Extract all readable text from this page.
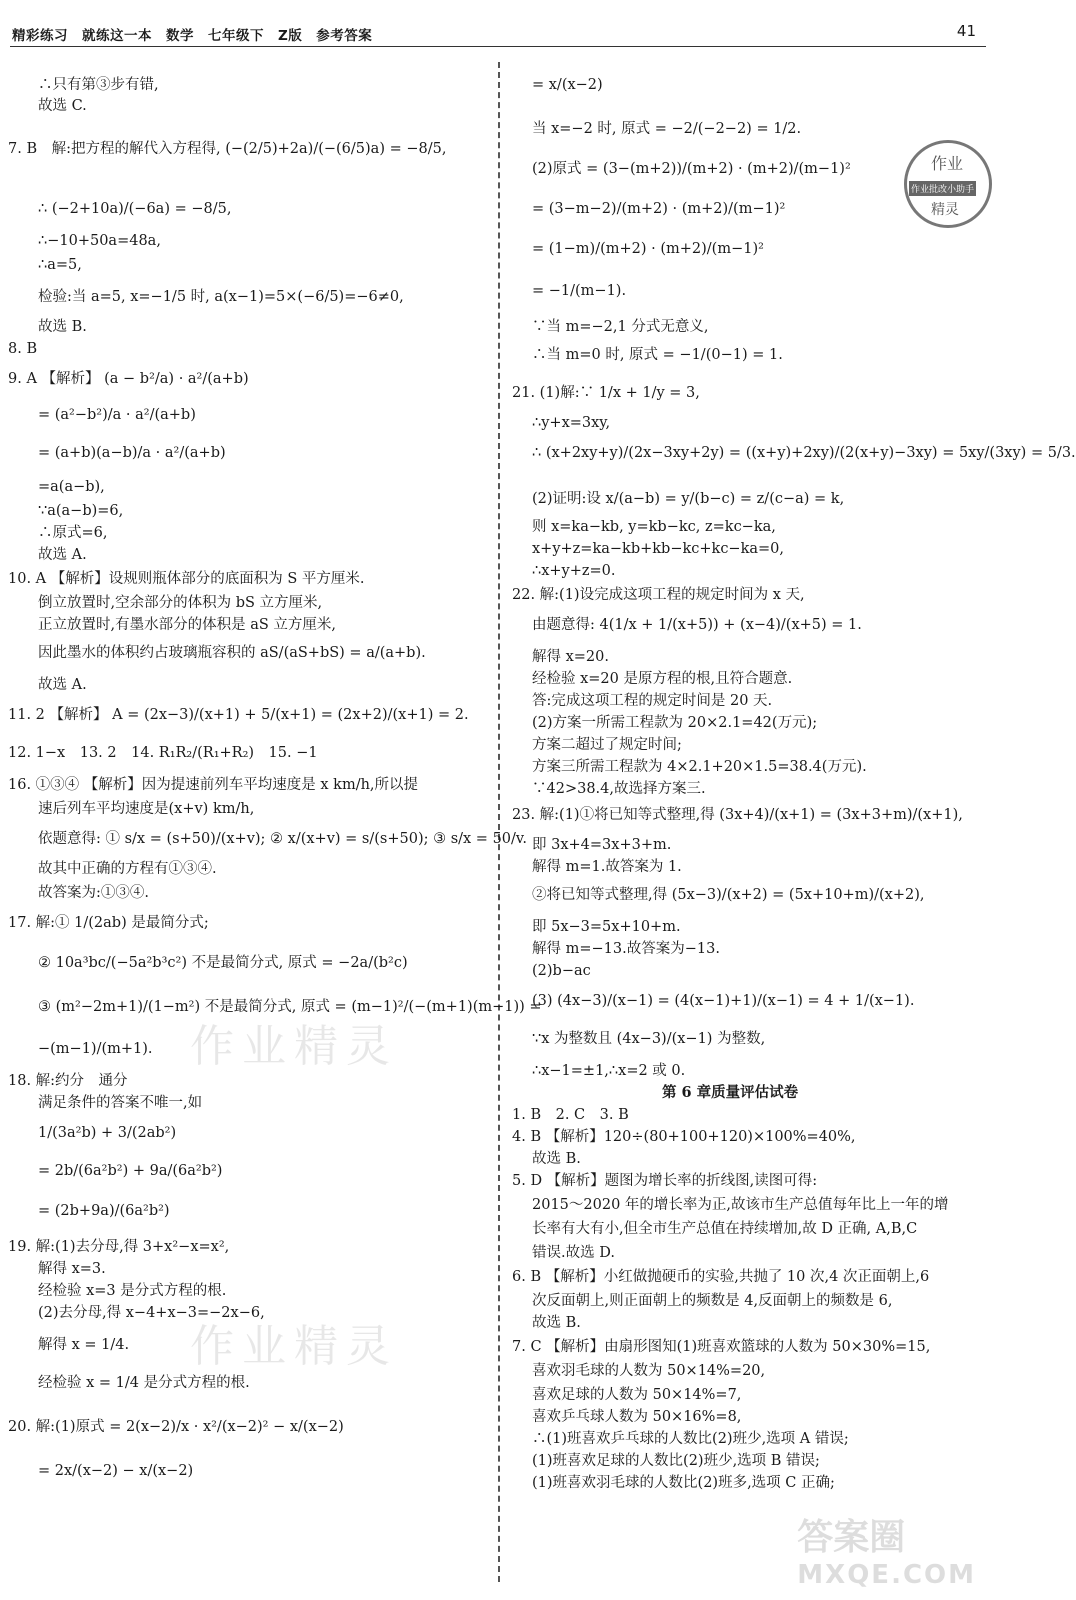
精彩练习　就练这一本　数学　七年级下　Z版　参考答案	41
∴只有第③步有错,
故选 C.
7. B　解:把方程的解代入方程得, (−(2/5)+2a)/(−(6/5)a) = −8/5,
∴ (−2+10a)/(−6a) = −8/5,
∴−10+50a=48a,
∴a=5,
检验:当 a=5, x=−1/5 时, a(x−1)=5×(−6/5)=−6≠0,
故选 B.
8. B
9. A 【解析】 (a − b²/a) · a²/(a+b)
= (a²−b²)/a · a²/(a+b)
= (a+b)(a−b)/a · a²/(a+b)
=a(a−b),
∵a(a−b)=6,
∴原式=6,
故选 A.
10. A 【解析】设规则瓶体部分的底面积为 S 平方厘米.
倒立放置时,空余部分的体积为 bS 立方厘米,
正立放置时,有墨水部分的体积是 aS 立方厘米,
因此墨水的体积约占玻璃瓶容积的 aS/(aS+bS) = a/(a+b).
故选 A.
11. 2 【解析】 A = (2x−3)/(x+1) + 5/(x+1) = (2x+2)/(x+1) = 2.
12. 1−x　13. 2　14. R₁R₂/(R₁+R₂)　15. −1
16. ①③④ 【解析】因为提速前列车平均速度是 x km/h,所以提
速后列车平均速度是(x+v) km/h,
依题意得: ① s/x = (s+50)/(x+v); ② x/(x+v) = s/(s+50); ③ s/x = 50/v.
故其中正确的方程有①③④.
故答案为:①③④.
17. 解:① 1/(2ab) 是最简分式;
② 10a³bc/(−5a²b³c²) 不是最简分式, 原式 = −2a/(b²c)
③ (m²−2m+1)/(1−m²) 不是最简分式, 原式 = (m−1)²/(−(m+1)(m−1)) =
−(m−1)/(m+1).
18. 解:约分　通分
满足条件的答案不唯一,如
1/(3a²b) + 3/(2ab²)
= 2b/(6a²b²) + 9a/(6a²b²)
= (2b+9a)/(6a²b²)
19. 解:(1)去分母,得 3+x²−x=x²,
解得 x=3.
经检验 x=3 是分式方程的根.
(2)去分母,得 x−4+x−3=−2x−6,
解得 x = 1/4.
经检验 x = 1/4 是分式方程的根.
20. 解:(1)原式 = 2(x−2)/x · x²/(x−2)² − x/(x−2)
= 2x/(x−2) − x/(x−2)
= x/(x−2)
当 x=−2 时, 原式 = −2/(−2−2) = 1/2.
(2)原式 = (3−(m+2))/(m+2) · (m+2)/(m−1)²
= (3−m−2)/(m+2) · (m+2)/(m−1)²
= (1−m)/(m+2) · (m+2)/(m−1)²
= −1/(m−1).
∵当 m=−2,1 分式无意义,
∴当 m=0 时, 原式 = −1/(0−1) = 1.
21. (1)解:∵ 1/x + 1/y = 3,
∴y+x=3xy,
∴ (x+2xy+y)/(2x−3xy+2y) = ((x+y)+2xy)/(2(x+y)−3xy) = 5xy/(3xy) = 5/3.
(2)证明:设 x/(a−b) = y/(b−c) = z/(c−a) = k,
则 x=ka−kb, y=kb−kc, z=kc−ka,
x+y+z=ka−kb+kb−kc+kc−ka=0,
∴x+y+z=0.
22. 解:(1)设完成这项工程的规定时间为 x 天,
由题意得: 4(1/x + 1/(x+5)) + (x−4)/(x+5) = 1.
解得 x=20.
经检验 x=20 是原方程的根,且符合题意.
答:完成这项工程的规定时间是 20 天.
(2)方案一所需工程款为 20×2.1=42(万元);
方案二超过了规定时间;
方案三所需工程款为 4×2.1+20×1.5=38.4(万元).
∵42>38.4,故选择方案三.
23. 解:(1)①将已知等式整理,得 (3x+4)/(x+1) = (3x+3+m)/(x+1),
即 3x+4=3x+3+m.
解得 m=1.故答案为 1.
②将已知等式整理,得 (5x−3)/(x+2) = (5x+10+m)/(x+2),
即 5x−3=5x+10+m.
解得 m=−13.故答案为−13.
(2)b−ac
(3) (4x−3)/(x−1) = (4(x−1)+1)/(x−1) = 4 + 1/(x−1).
∵x 为整数且 (4x−3)/(x−1) 为整数,
∴x−1=±1,∴x=2 或 0.
第 6 章质量评估试卷
1. B　2. C　3. B
4. B 【解析】120÷(80+100+120)×100%=40%,
故选 B.
5. D 【解析】题图为增长率的折线图,读图可得:
2015～2020 年的增长率为正,故该市生产总值每年比上一年的增
长率有大有小,但全市生产总值在持续增加,故 D 正确, A,B,C
错误.故选 D.
6. B 【解析】小红做抛硬币的实验,共抛了 10 次,4 次正面朝上,6
次反面朝上,则正面朝上的频数是 4,反面朝上的频数是 6,
故选 B.
7. C 【解析】由扇形图知(1)班喜欢篮球的人数为 50×30%=15,
喜欢羽毛球的人数为 50×14%=20,
喜欢足球的人数为 50×14%=7,
喜欢乒乓球人数为 50×16%=8,
∴(1)班喜欢乒乓球的人数比(2)班少,选项 A 错误;
(1)班喜欢足球的人数比(2)班少,选项 B 错误;
(1)班喜欢羽毛球的人数比(2)班多,选项 C 正确;
作业
作业批改小助手
精灵
作业精灵
作业精灵
答案圈
MXQE.COM
